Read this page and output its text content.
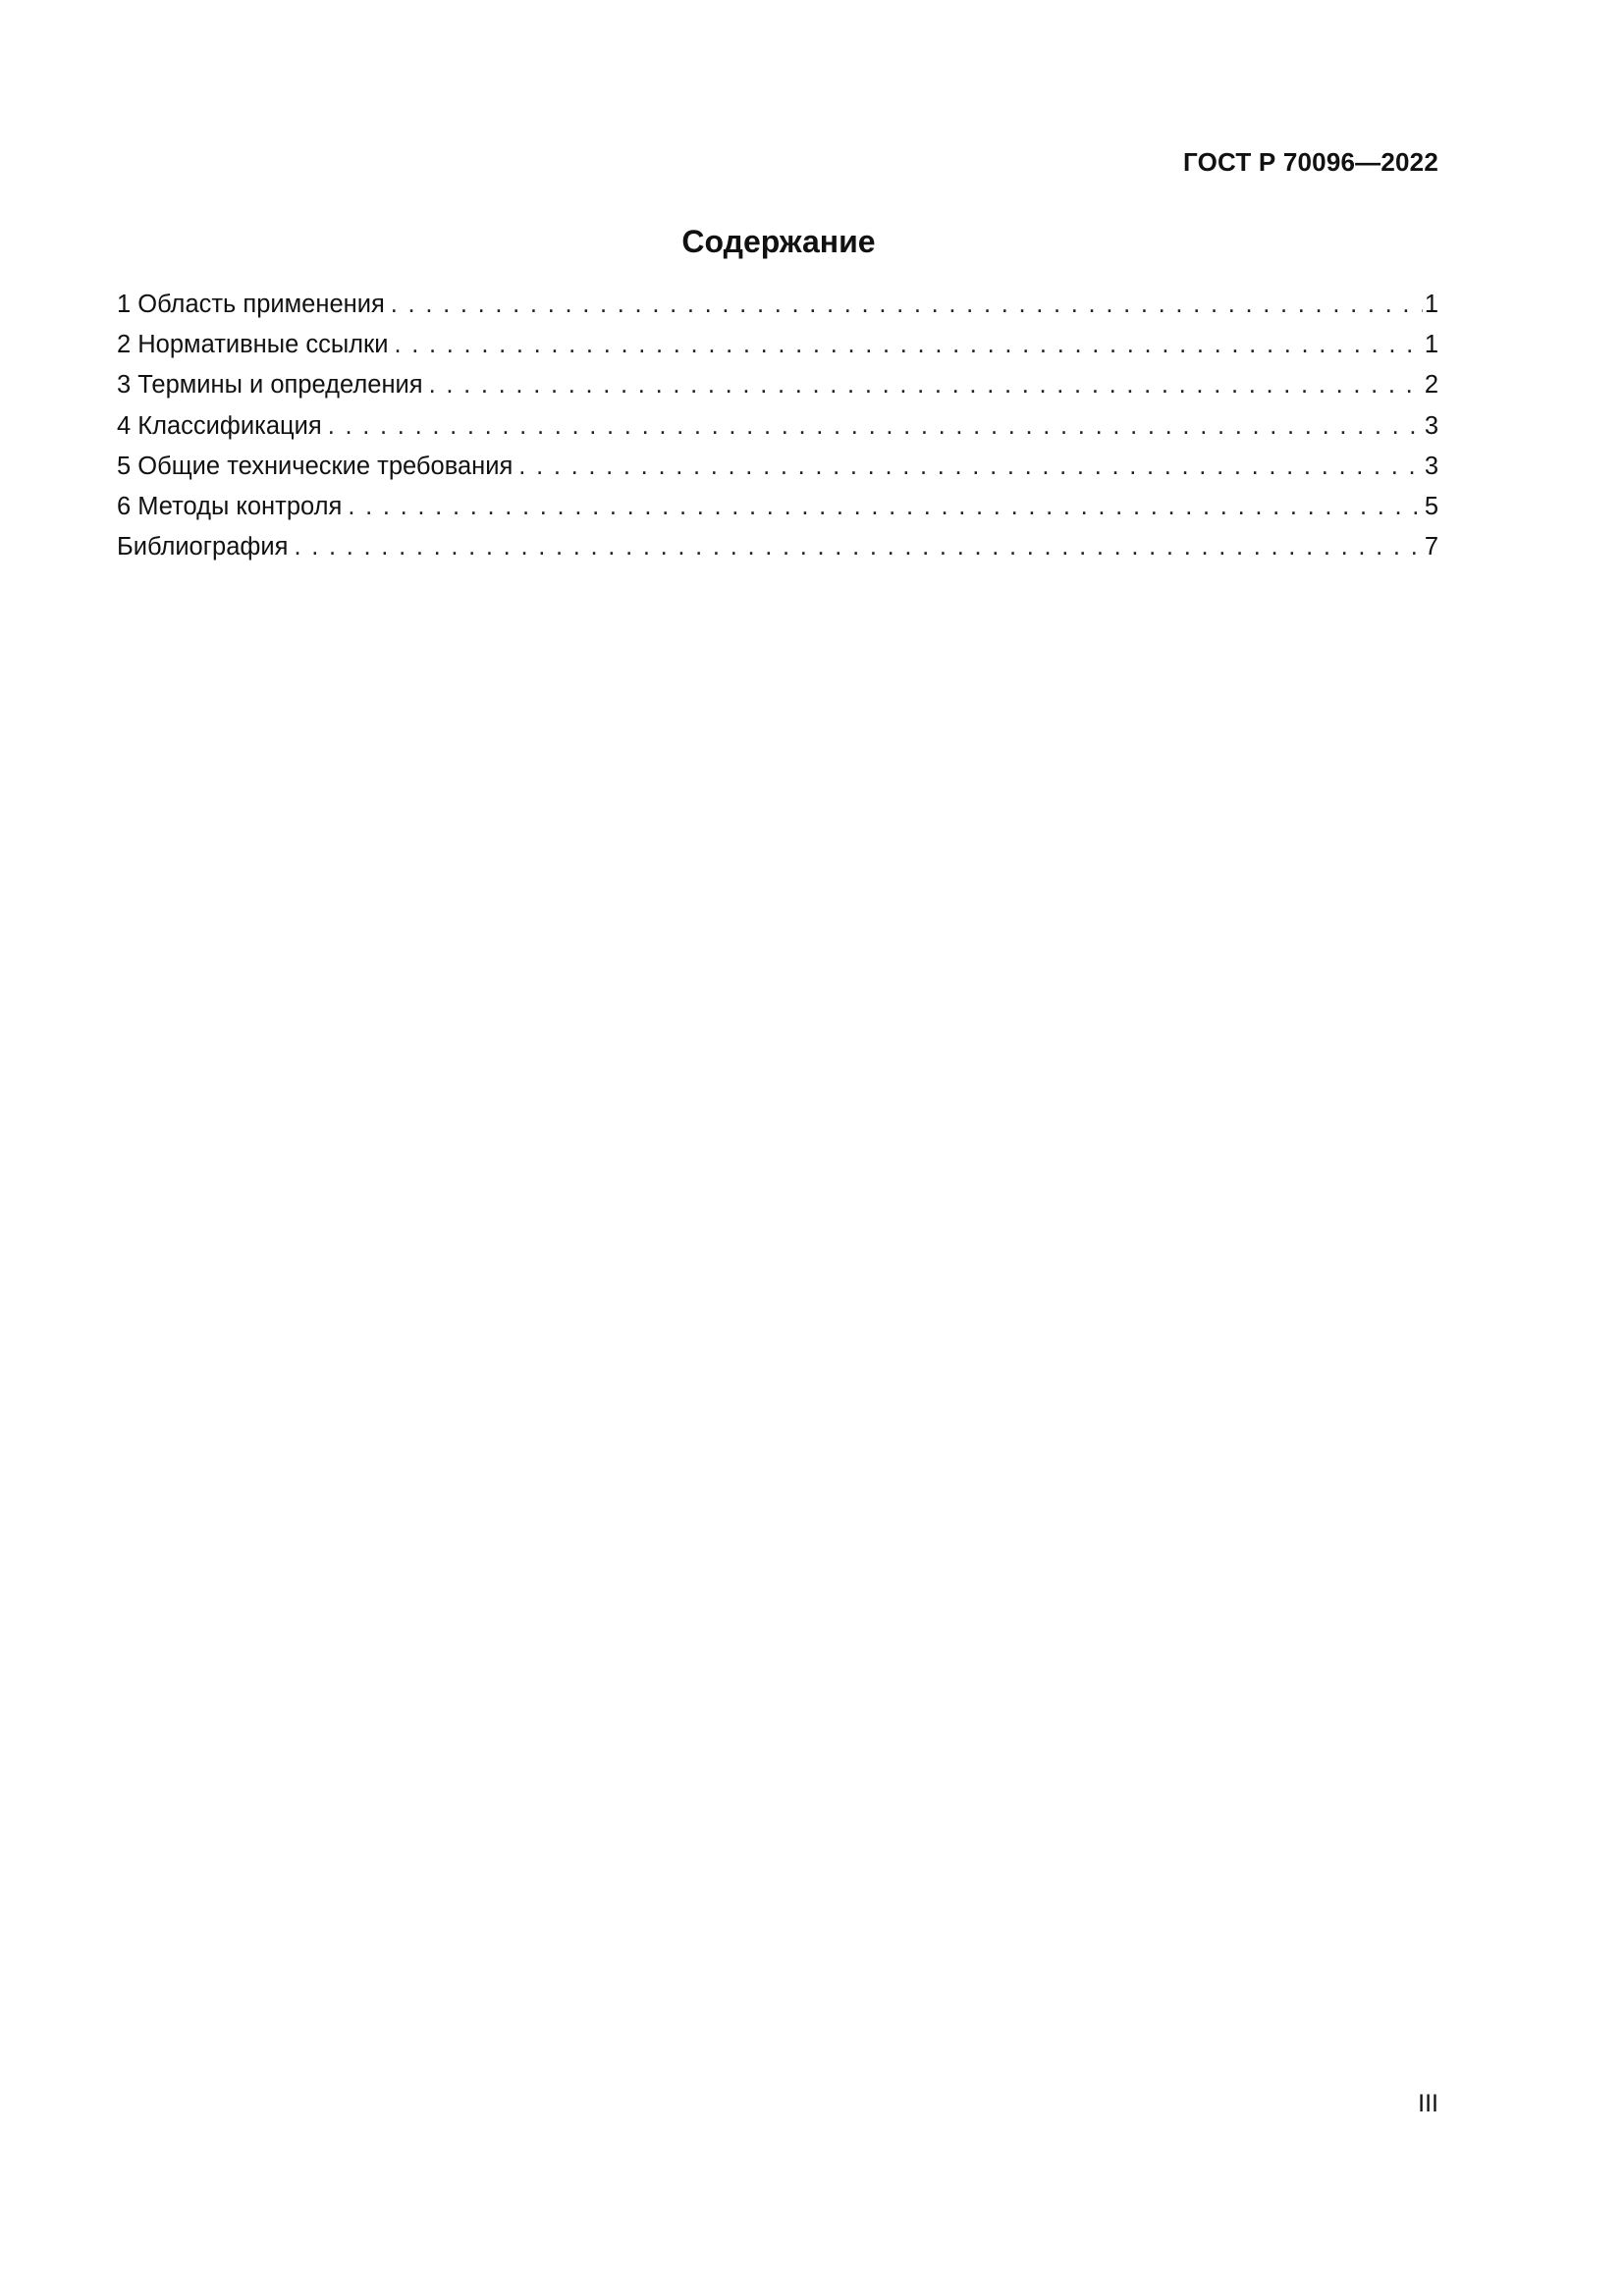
ГОСТ Р 70096—2022
Содержание
1 Область применения . . .	1
2 Нормативные ссылки . . .	1
3 Термины и определения . . .	2
4 Классификация . . .	3
5 Общие технические требования . . .	3
6 Методы контроля . . .	5
Библиография . . .	7
III
